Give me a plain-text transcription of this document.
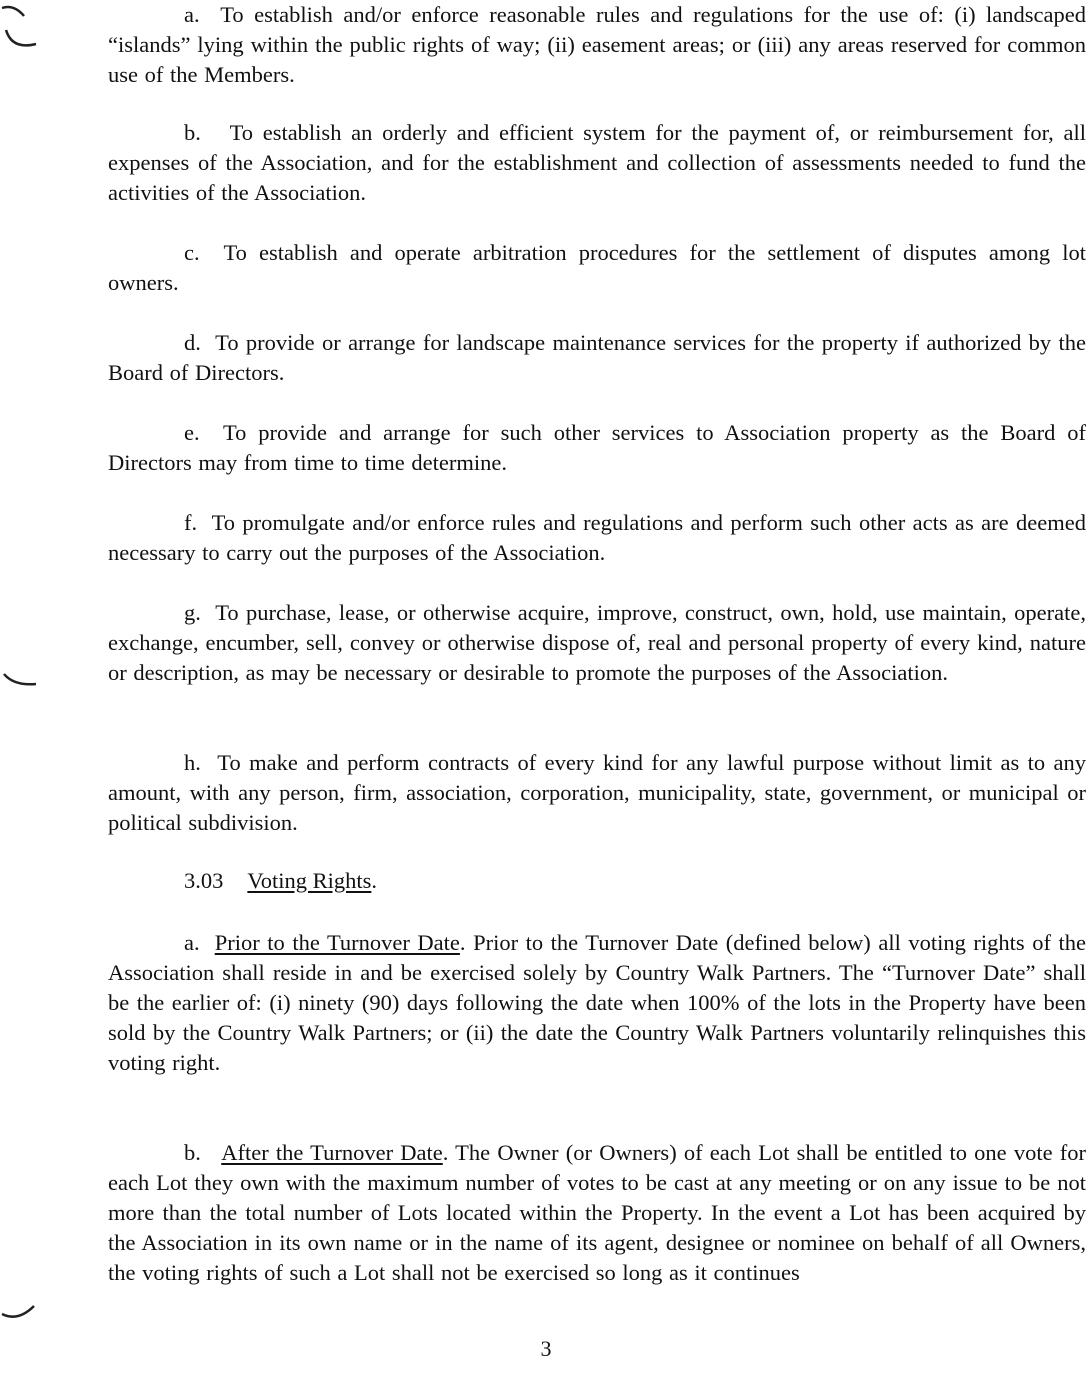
a. To establish and/or enforce reasonable rules and regulations for the use of: (i) landscaped “islands” lying within the public rights of way; (ii) easement areas; or (iii) any areas reserved for common use of the Members.

b. To establish an orderly and efficient system for the payment of, or reimbursement for, all expenses of the Association, and for the establishment and collection of assessments needed to fund the activities of the Association.

c. To establish and operate arbitration procedures for the settlement of disputes among lot owners.

d. To provide or arrange for landscape maintenance services for the property if authorized by the Board of Directors.

e. To provide and arrange for such other services to Association property as the Board of Directors may from time to time determine.

f. To promulgate and/or enforce rules and regulations and perform such other acts as are deemed necessary to carry out the purposes of the Association.

g. To purchase, lease, or otherwise acquire, improve, construct, own, hold, use maintain, operate, exchange, encumber, sell, convey or otherwise dispose of, real and personal property of every kind, nature or description, as may be necessary or desirable to promote the purposes of the Association.

h. To make and perform contracts of every kind for any lawful purpose without limit as to any amount, with any person, firm, association, corporation, municipality, state, government, or municipal or political subdivision.

3.03 Voting Rights.

a. Prior to the Turnover Date. Prior to the Turnover Date (defined below) all voting rights of the Association shall reside in and be exercised solely by Country Walk Partners. The “Turnover Date” shall be the earlier of: (i) ninety (90) days following the date when 100% of the lots in the Property have been sold by the Country Walk Partners; or (ii) the date the Country Walk Partners voluntarily relinquishes this voting right.

b. After the Turnover Date. The Owner (or Owners) of each Lot shall be entitled to one vote for each Lot they own with the maximum number of votes to be cast at any meeting or on any issue to be not more than the total number of Lots located within the Property. In the event a Lot has been acquired by the Association in its own name or in the name of its agent, designee or nominee on behalf of all Owners, the voting rights of such a Lot shall not be exercised so long as it continues

3
